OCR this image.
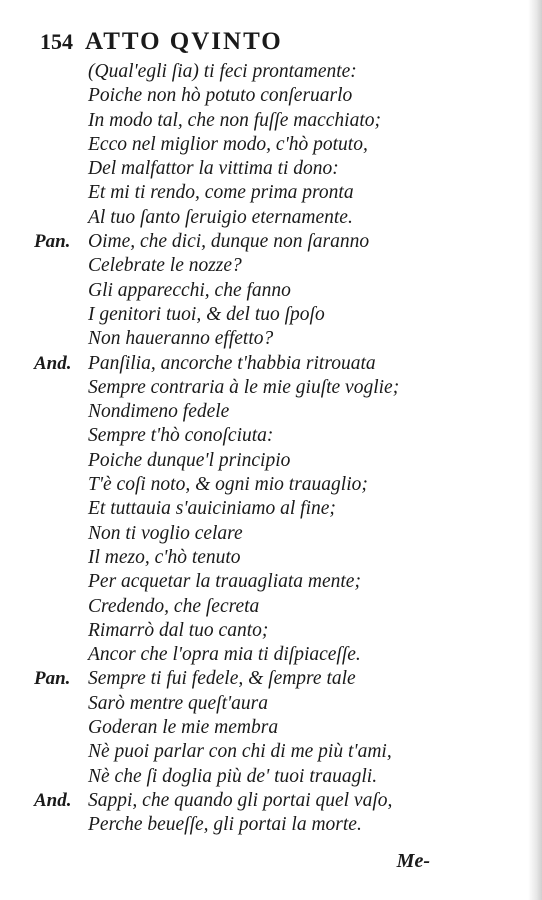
154 ATTO QVINTO
(Qual'egli ſia) ti feci prontamente:
Poiche non hò potuto conſeruarlo
In modo tal, che non fuſſe macchiato;
Ecco nel miglior modo, c'hò potuto,
Del malfattor la vittima ti dono:
Et mi ti rendo, come prima pronta
Al tuo ſanto ſeruigio eternamente.
Pan. Oime, che dici, dunque non ſaranno
Celebrate le nozze?
Gli apparecchi, che fanno
I genitori tuoi, & del tuo ſpoſo
Non haueranno effetto?
And. Panſilia, ancorche t'habbia ritrouata
Sempre contraria à le mie giuſte voglie;
Nondimeno fedele
Sempre t'hò conoſciuta:
Poiche dunque'l principio
T'è coſi noto, & ogni mio trauaglio;
Et tuttauia s'auiciniamo al fine;
Non ti voglio celare
Il mezo, c'hò tenuto
Per acquetar la trauagliata mente;
Credendo, che ſecreta
Rimarrò dal tuo canto;
Ancor che l'opra mia ti diſpiaceſſe.
Pan. Sempre ti fui fedele, & ſempre tale
Sarò mentre queſt'aura
Goderan le mie membra
Nè puoi parlar con chi di me più t'ami,
Nè che ſi doglia più de' tuoi trauagli.
And. Sappi, che quando gli portai quel vaſo,
Perche beueſſe, gli portai la morte.
Me-
